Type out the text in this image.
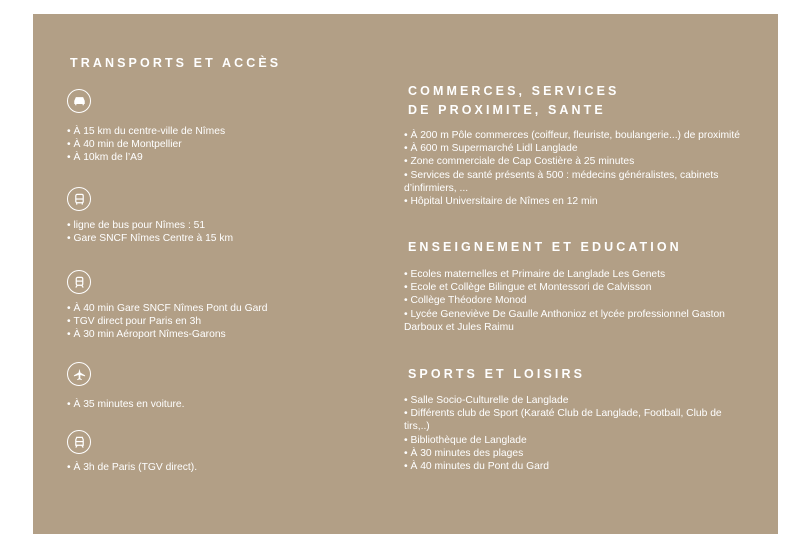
TRANSPORTS ET ACCÈS
• À 15 km du centre-ville de Nîmes
• À 40 min de Montpellier
• À 10km de l’A9
• ligne de bus pour Nîmes : 51
• Gare SNCF Nîmes Centre à 15 km
• À 40 min Gare SNCF Nîmes Pont du Gard
• TGV direct pour Paris en 3h
• À 30 min Aéroport Nîmes-Garons
• À 35 minutes en voiture.
• À 3h de Paris (TGV direct).
COMMERCES, SERVICES
DE PROXIMITE, SANTE
• À 200 m Pôle commerces (coiffeur, fleuriste, boulangerie...) de proximité
• À 600 m Supermarché Lidl Langlade
• Zone commerciale de Cap Costière à 25 minutes
• Services de santé présents à 500 : médecins généralistes, cabinets d’infirmiers, ...
• Hôpital Universitaire de Nîmes en 12 min
ENSEIGNEMENT ET EDUCATION
• Ecoles maternelles et Primaire de Langlade Les Genets
• Ecole et Collège Bilingue et Montessori de Calvisson
• Collège Théodore Monod
• Lycée Geneviève De Gaulle Anthonioz et lycée professionnel Gaston Darboux et Jules Raimu
SPORTS ET LOISIRS
• Salle Socio-Culturelle de Langlade
• Différents club de Sport (Karaté Club de Langlade, Football, Club de tirs,..)
• Bibliothèque de Langlade
• À 30 minutes des plages
• À 40 minutes du Pont du Gard
